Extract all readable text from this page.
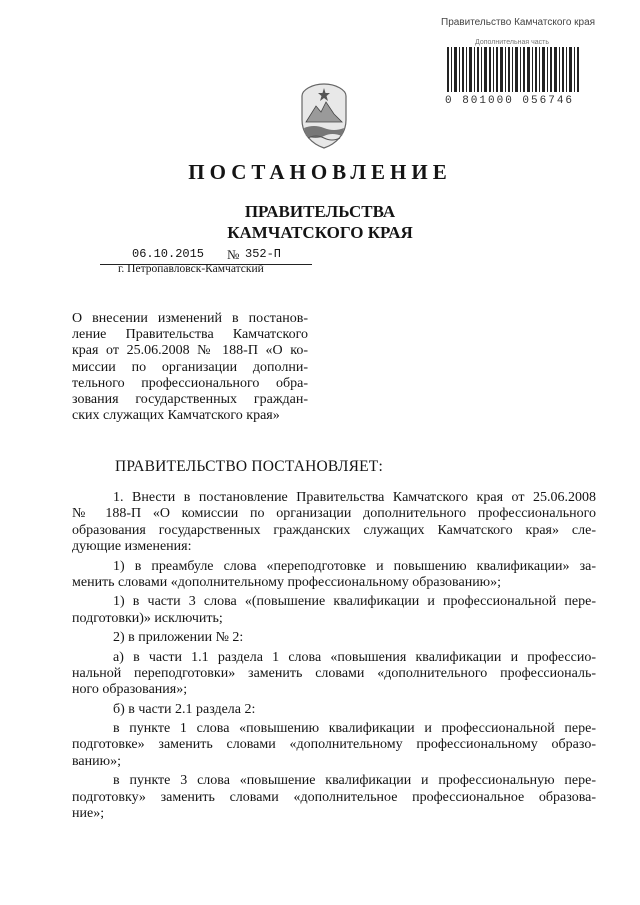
Правительство Камчатского края
Дополнительная часть
0 801000 056746
ПОСТАНОВЛЕНИЕ
ПРАВИТЕЛЬСТВА
КАМЧАТСКОГО КРАЯ
06.10.2015 № 352-П
г. Петропавловск-Камчатский
О внесении изменений в постанов-
ление Правительства Камчатского
края от 25.06.2008 № 188-П «О ко-
миссии по организации дополни-
тельного профессионального обра-
зования государственных граждан-
ских служащих Камчатского края»
ПРАВИТЕЛЬСТВО ПОСТАНОВЛЯЕТ:
1. Внести в постановление Правительства Камчатского края от 25.06.2008
№ 188-П «О комиссии по организации дополнительного профессионального
образования государственных гражданских служащих Камчатского края» сле-
дующие изменения:
1) в преамбуле слова «переподготовке и повышению квалификации» за-
менить словами «дополнительному профессиональному образованию»;
1) в части 3 слова «(повышение квалификации и профессиональной пере-
подготовки)» исключить;
2) в приложении № 2:
а) в части 1.1 раздела 1 слова «повышения квалификации и профессио-
нальной переподготовки» заменить словами «дополнительного профессиональ-
ного образования»;
б) в части 2.1 раздела 2:
в пункте 1 слова «повышению квалификации и профессиональной пере-
подготовке» заменить словами «дополнительному профессиональному образо-
ванию»;
в пункте 3 слова «повышение квалификации и профессиональную пере-
подготовку» заменить словами «дополнительное профессиональное образова-
ние»;
